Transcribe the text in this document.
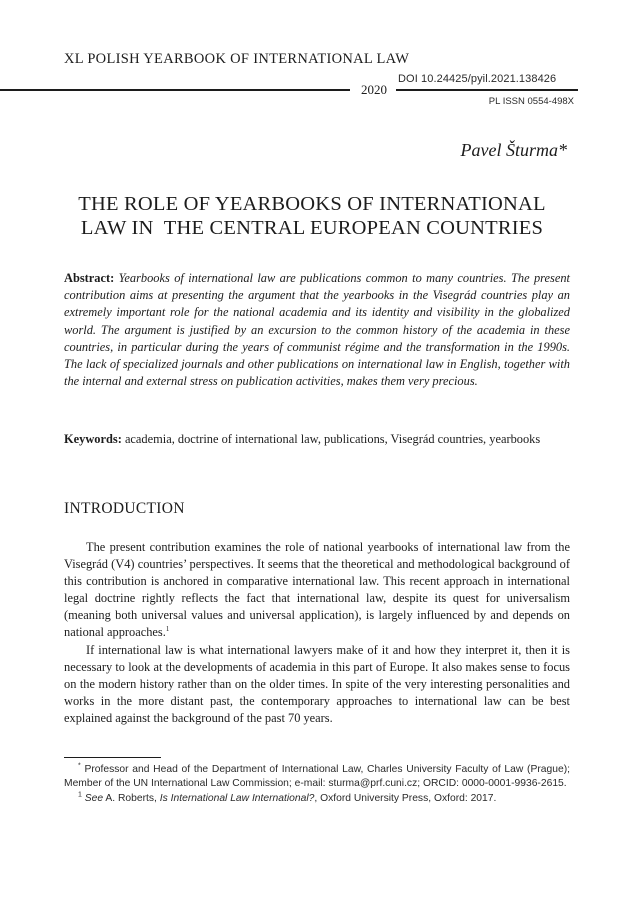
XL POLISH YEARBOOK OF INTERNATIONAL LAW
2020
DOI 10.24425/pyil.2021.138426
PL ISSN 0554-498X
Pavel Šturma*
THE ROLE OF YEARBOOKS OF INTERNATIONAL
LAW IN  THE CENTRAL EUROPEAN COUNTRIES
Abstract: Yearbooks of international law are publications common to many countries. The present contribution aims at presenting the argument that the yearbooks in the Visegrád countries play an extremely important role for the national academia and its identity and visibility in the globalized world. The argument is justified by an excursion to the common history of the academia in these countries, in particular during the years of communist régime and the transformation in the 1990s. The lack of specialized journals and other publications on international law in English, together with the internal and external stress on publication activities, makes them very precious.
Keywords: academia, doctrine of international law, publications, Visegrád countries, yearbooks
INTRODUCTION

The present contribution examines the role of national yearbooks of international law from the Visegrád (V4) countries’ perspectives. It seems that the theoretical and methodological background of this contribution is anchored in comparative international law. This recent approach in international legal doctrine rightly reflects the fact that international law, despite its quest for universalism (meaning both universal values and universal application), is largely influenced by and depends on national approaches.$^1$

If international law is what international lawyers make of it and how they interpret it, then it is necessary to look at the developments of academia in this part of Europe. It also makes sense to focus on the modern history rather than on the older times. In spite of the very interesting personalities and works in the more distant past, the contemporary approaches to international law can be best explained against the background of the past 70 years.

* Professor and Head of the Department of International Law, Charles University Faculty of Law (Prague); Member of the UN International Law Commission; e-mail: sturma@prf.cuni.cz; ORCID: 0000-0001-9936-2615.

$^1$ See A. Roberts, Is International Law International?, Oxford University Press, Oxford: 2017.
